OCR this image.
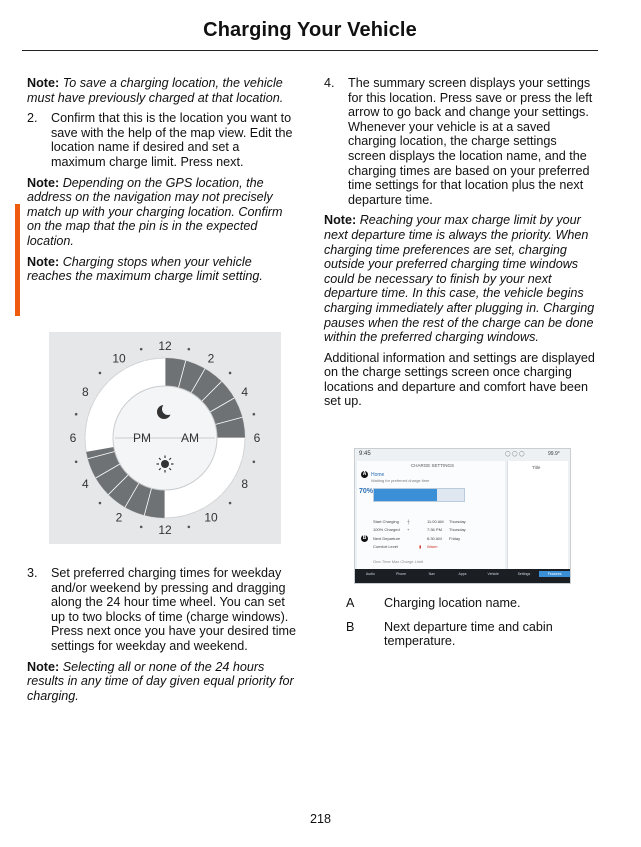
Charging Your Vehicle

Note: To save a charging location, the vehicle must have previously charged at that location.

2.	Confirm that this is the location you want to save with the help of the map view. Edit the location name if desired and set a maximum charge limit. Press next.

Note: Depending on the GPS location, the address on the navigation may not precisely match up with your charging location. Confirm on the map that the pin is in the expected location.

Note: Charging stops when your vehicle reaches the maximum charge limit setting.

PM	AM
12
2
4
6
8
10
12
2
4
6
8
10
3.	Set preferred charging times for weekday and/or weekend by pressing and dragging along the 24 hour time wheel. You can set up to two blocks of time (charge windows). Press next once you have your desired time settings for weekday and weekend.

Note: Selecting all or none of the 24 hours results in any time of day given equal priority for charging.

4.	The summary screen displays your settings for this location. Press save or press the left arrow to go back and change your settings. Whenever your vehicle is at a saved charging location, the charge settings screen displays the location name, and the charging times are based on your preferred time settings for that location plus the next departure time.

Note: Reaching your max charge limit by your next departure time is always the priority. When charging time preferences are set, charging outside your preferred charging time windows could be necessary to finish by your next departure time. In this case, the vehicle begins charging immediately after plugging in. Charging pauses when the rest of the charge can be done within the preferred charging windows.

Additional information and settings are displayed on the charge settings screen once charging locations and departure and comfort have been set up.

9:45	◯ ◯ ◯	99.9°
CHARGE SETTINGS
A Home
Waiting for preferred charge time
70%
Start Charging	┼	11:00 AM	Thursday
100% Charged	+	7:36 PM	Thursday
B	Next Departure	6:30 AM	Friday
Comfort Level	▮	Warm
One-Time Max Charge Limit
Title
Audio	Phone	Nav	Apps	Vehicle	Settings	Features
A	Charging location name.
B	Next departure time and cabin temperature.
218
